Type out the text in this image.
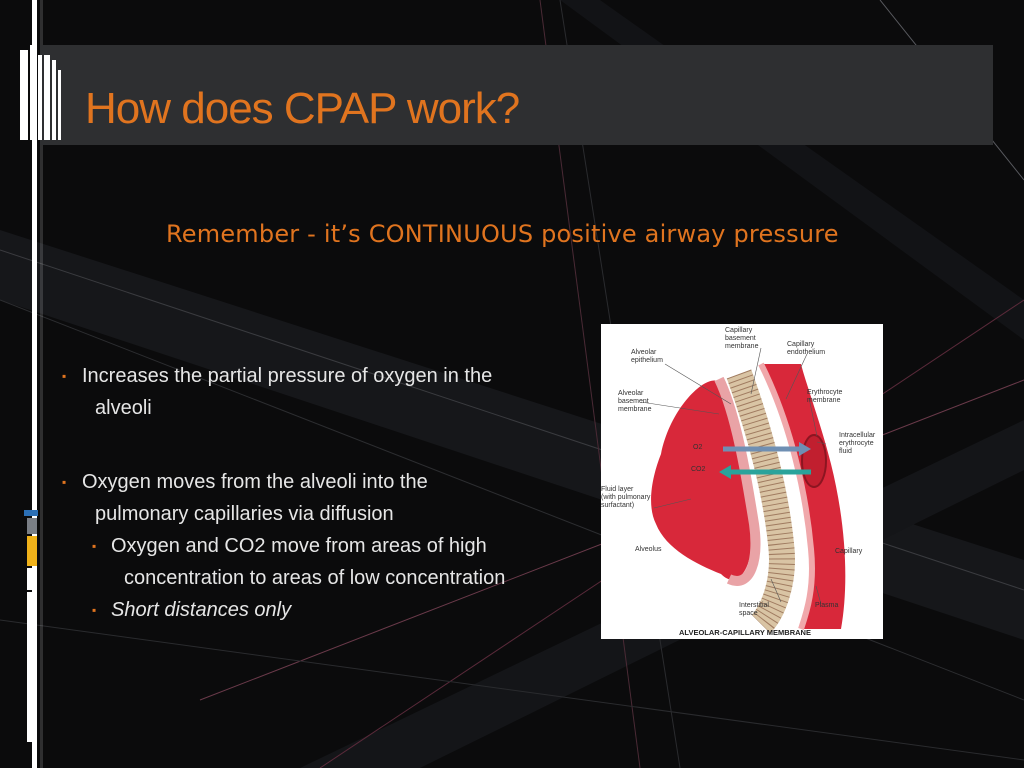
How does CPAP work?
Remember - it’s CONTINUOUS positive airway pressure
▪ Increases the partial pressure of oxygen in the
alveoli
▪ Oxygen moves from the alveoli into the
pulmonary capillaries via diffusion
▪ Oxygen and CO2 move from areas of high
concentration to areas of low concentration
▪ Short distances only
Capillary
basement
membrane	Capillary
endothelium
Alveolar
epithelium
Alveolar
basement
membrane
Erythrocyte
membrane
Intracellular
erythrocyte
fluid
O2
CO2
Fluid layer
(with pulmonary
surfactant)
Alveolus	Capillary
Interstitial
space
Plasma
ALVEOLAR-CAPILLARY MEMBRANE
